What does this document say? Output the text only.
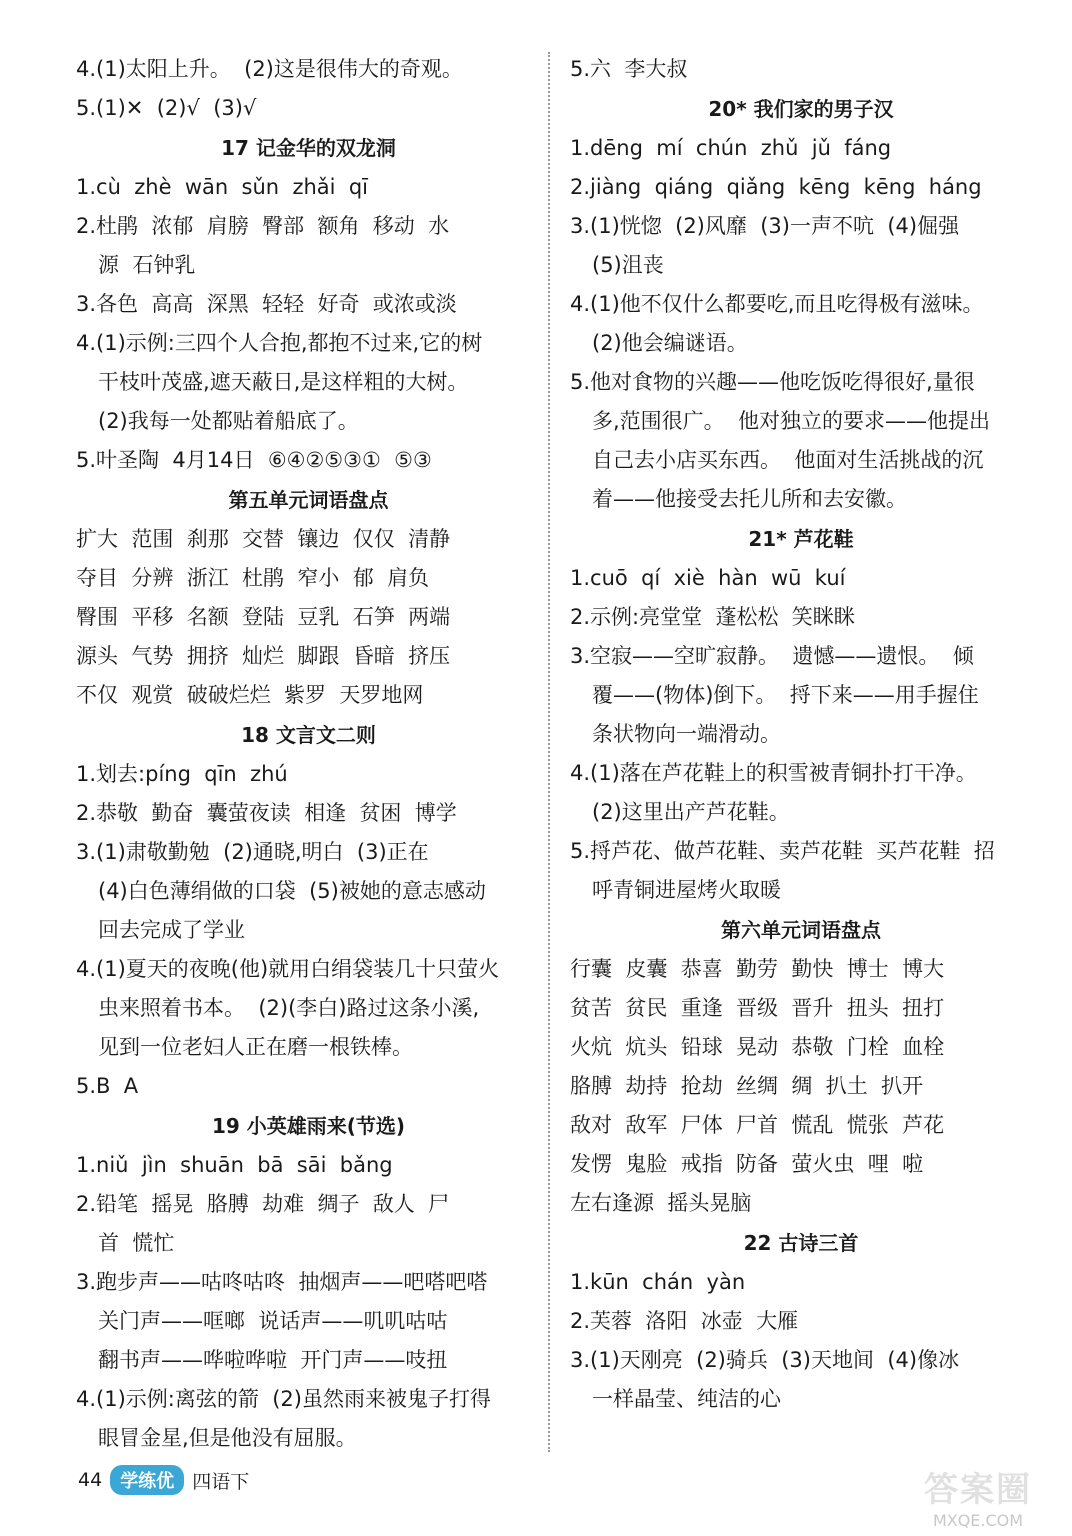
4.(1)太阳上升。  (2)这是很伟大的奇观。
5.(1)✕  (2)√  (3)√
17 记金华的双龙洞
1.cù  zhè  wān  sǔn  zhǎi  qī
2.杜鹃  浓郁  肩膀  臀部  额角  移动  水
源  石钟乳
3.各色  高高  深黑  轻轻  好奇  或浓或淡
4.(1)示例:三四个人合抱,都抱不过来,它的树
干枝叶茂盛,遮天蔽日,是这样粗的大树。
(2)我每一处都贴着船底了。
5.叶圣陶  4月14日  ⑥④②⑤③①  ⑤③
第五单元词语盘点
扩大  范围  刹那  交替  镶边  仅仅  清静
夺目  分辨  浙江  杜鹃  窄小  郁  肩负
臀围  平移  名额  登陆  豆乳  石笋  两端
源头  气势  拥挤  灿烂  脚跟  昏暗  挤压
不仅  观赏  破破烂烂  紫罗  天罗地网
18 文言文二则
1.划去:píng  qīn  zhú
2.恭敬  勤奋  囊萤夜读  相逢  贫困  博学
3.(1)肃敬勤勉  (2)通晓,明白  (3)正在
(4)白色薄绢做的口袋  (5)被她的意志感动
回去完成了学业
4.(1)夏天的夜晚(他)就用白绢袋装几十只萤火
虫来照着书本。  (2)(李白)路过这条小溪,
见到一位老妇人正在磨一根铁棒。
5.B  A
19 小英雄雨来(节选)
1.niǔ  jìn  shuān  bā  sāi  bǎng
2.铅笔  摇晃  胳膊  劫难  绸子  敌人  尸
首  慌忙
3.跑步声——咕咚咕咚  抽烟声——吧嗒吧嗒
关门声——哐啷  说话声——叽叽咕咕
翻书声——哗啦哗啦  开门声——吱扭
4.(1)示例:离弦的箭  (2)虽然雨来被鬼子打得
眼冒金星,但是他没有屈服。
5.六  李大叔
20* 我们家的男子汉
1.dēng  mí  chún  zhǔ  jǔ  fáng
2.jiàng  qiáng  qiǎng  kēng  kēng  háng
3.(1)恍惚  (2)风靡  (3)一声不吭  (4)倔强
(5)沮丧
4.(1)他不仅什么都要吃,而且吃得极有滋味。
(2)他会编谜语。
5.他对食物的兴趣——他吃饭吃得很好,量很
多,范围很广。  他对独立的要求——他提出
自己去小店买东西。  他面对生活挑战的沉
着——他接受去托儿所和去安徽。
21* 芦花鞋
1.cuō  qí  xiè  hàn  wū  kuí
2.示例:亮堂堂  蓬松松  笑眯眯
3.空寂——空旷寂静。  遗憾——遗恨。  倾
覆——(物体)倒下。  捋下来——用手握住
条状物向一端滑动。
4.(1)落在芦花鞋上的积雪被青铜扑打干净。
(2)这里出产芦花鞋。
5.捋芦花、做芦花鞋、卖芦花鞋  买芦花鞋  招
呼青铜进屋烤火取暖
第六单元词语盘点
行囊  皮囊  恭喜  勤劳  勤快  博士  博大
贫苦  贫民  重逢  晋级  晋升  扭头  扭打
火炕  炕头  铅球  晃动  恭敬  门栓  血栓
胳膊  劫持  抢劫  丝绸  绸  扒土  扒开
敌对  敌军  尸体  尸首  慌乱  慌张  芦花
发愣  鬼脸  戒指  防备  萤火虫  哩  啦
左右逢源  摇头晃脑
22 古诗三首
1.kūn  chán  yàn
2.芙蓉  洛阳  冰壶  大雁
3.(1)天刚亮  (2)骑兵  (3)天地间  (4)像冰
一样晶莹、纯洁的心
44	学练优 四语下	答案圈
MXQE.COM
